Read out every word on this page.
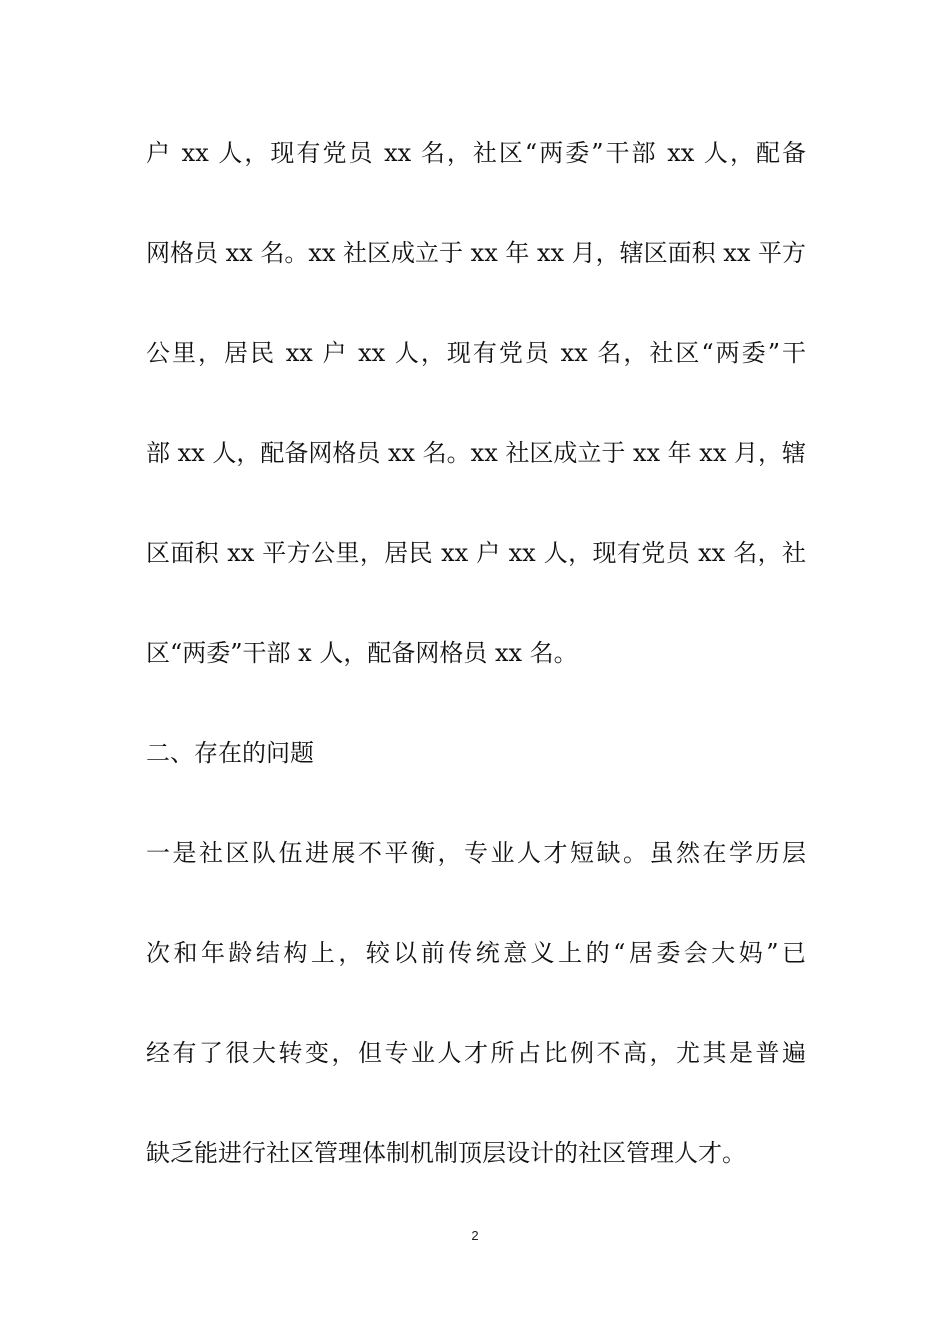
户 xx 人，现有党员 xx 名，社区“两委”干部 xx 人，配备
网格员 xx 名。xx 社区成立于 xx 年 xx 月，辖区面积 xx 平方
公里，居民 xx 户 xx 人，现有党员 xx 名，社区“两委”干
部 xx 人，配备网格员 xx 名。xx 社区成立于 xx 年 xx 月，辖
区面积 xx 平方公里，居民 xx 户 xx 人，现有党员 xx 名，社
区“两委”干部 x 人，配备网格员 xx 名。
二、存在的问题
一是社区队伍进展不平衡，专业人才短缺。虽然在学历层
次和年龄结构上，较以前传统意义上的“居委会大妈”已
经有了很大转变，但专业人才所占比例不高，尤其是普遍
缺乏能进行社区管理体制机制顶层设计的社区管理人才。
2
